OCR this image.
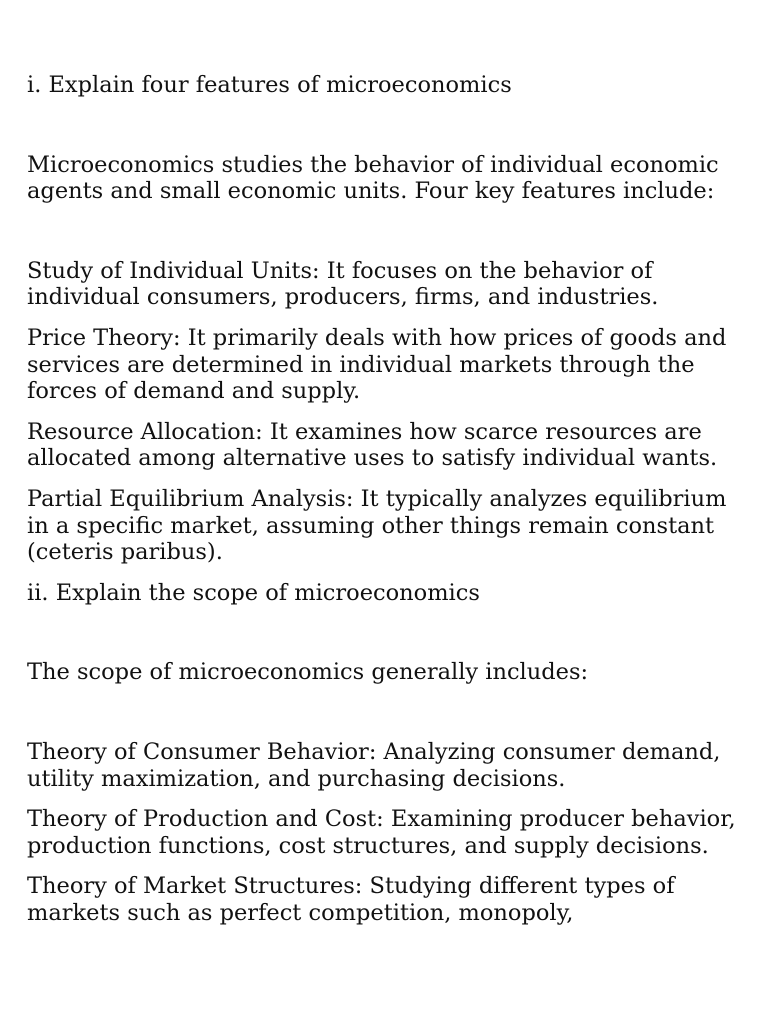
i. Explain four features of microeconomics

Microeconomics studies the behavior of individual economic agents and small economic units. Four key features include:

Study of Individual Units: It focuses on the behavior of individual consumers, producers, firms, and industries.

Price Theory: It primarily deals with how prices of goods and services are determined in individual markets through the forces of demand and supply.

Resource Allocation: It examines how scarce resources are allocated among alternative uses to satisfy individual wants.

Partial Equilibrium Analysis: It typically analyzes equilibrium in a specific market, assuming other things remain constant (ceteris paribus).

ii. Explain the scope of microeconomics

The scope of microeconomics generally includes:

Theory of Consumer Behavior: Analyzing consumer demand, utility maximization, and purchasing decisions.

Theory of Production and Cost: Examining producer behavior, production functions, cost structures, and supply decisions.

Theory of Market Structures: Studying different types of markets such as perfect competition, monopoly,
